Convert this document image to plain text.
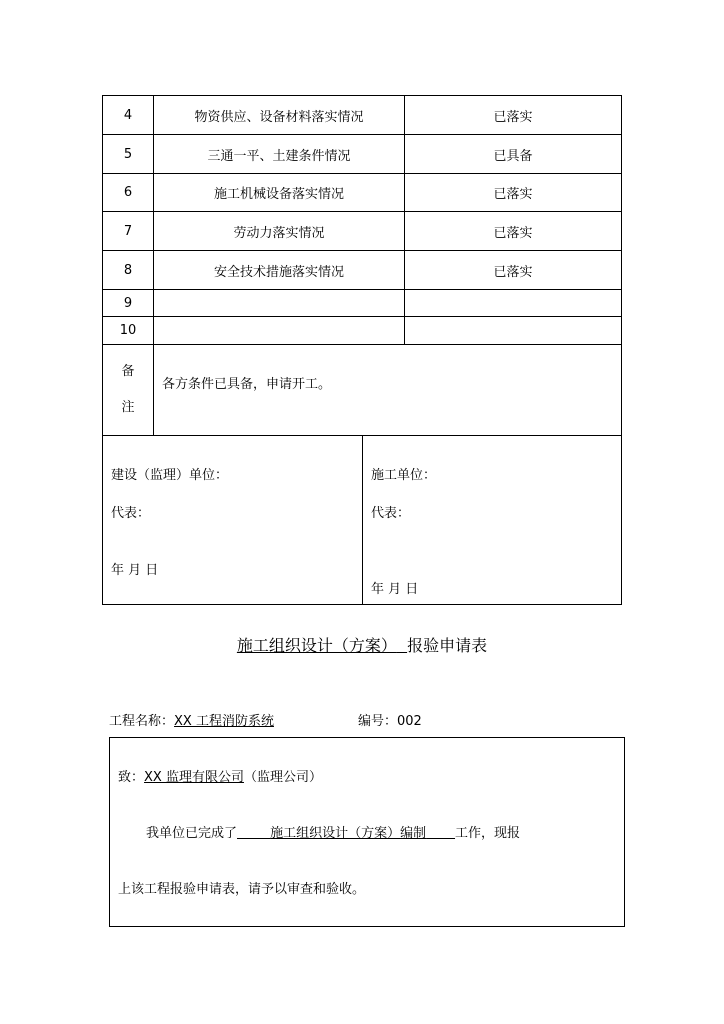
4	物资供应、设备材料落实情况	已落实
5	三通一平、土建条件情况	已具备
6	施工机械设备落实情况	已落实
7	劳动力落实情况	已落实
8	安全技术措施落实情况	已落实
9		
10		

备
注	各方条件已具备，申请开工。	
建设（监理）单位：
代表：
年 月 日

施工单位：
代表：
年 月 日
施工组织设计（方案） 报验申请表
工程名称：XX 工程消防系统	编号：002
致：XX 监理有限公司（监理公司）
我单位已完成了	施工组织设计（方案）编制 工作，现报
上该工程报验申请表，请予以审查和验收。
